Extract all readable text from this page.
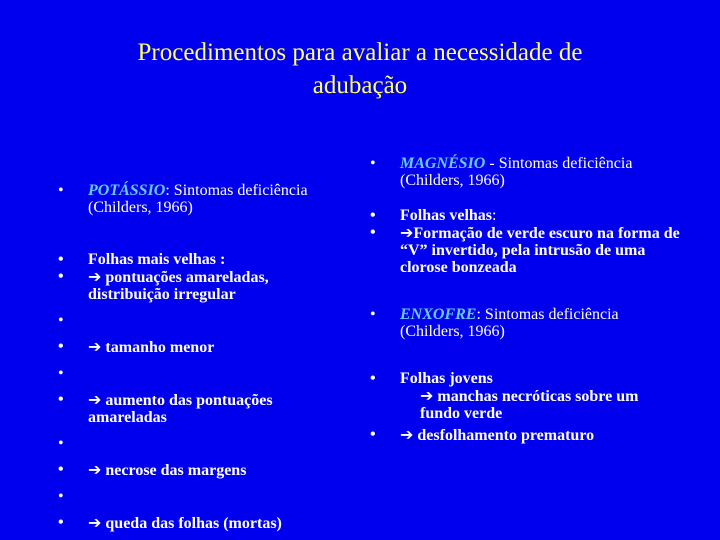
Procedimentos para avaliar a necessidade de
adubação
•	POTÁSSIO: Sintomas deficiência (Childers, 1966)
•	Folhas mais velhas :
•	➔ pontuações amareladas, distribuição irregular
•
•	➔ tamanho menor
•
•	➔ aumento das pontuações amareladas
•
•	➔ necrose das margens
•
•	➔ queda das folhas (mortas)
•	MAGNÉSIO - Sintomas deficiência (Childers, 1966)
•	Folhas velhas:
•	➔Formação de verde escuro na forma de “V” invertido, pela intrusão de uma clorose bonzeada
•	ENXOFRE: Sintomas deficiência (Childers, 1966)
•	Folhas jovens
➔ manchas necróticas sobre um fundo verde
•	➔ desfolhamento prematuro
